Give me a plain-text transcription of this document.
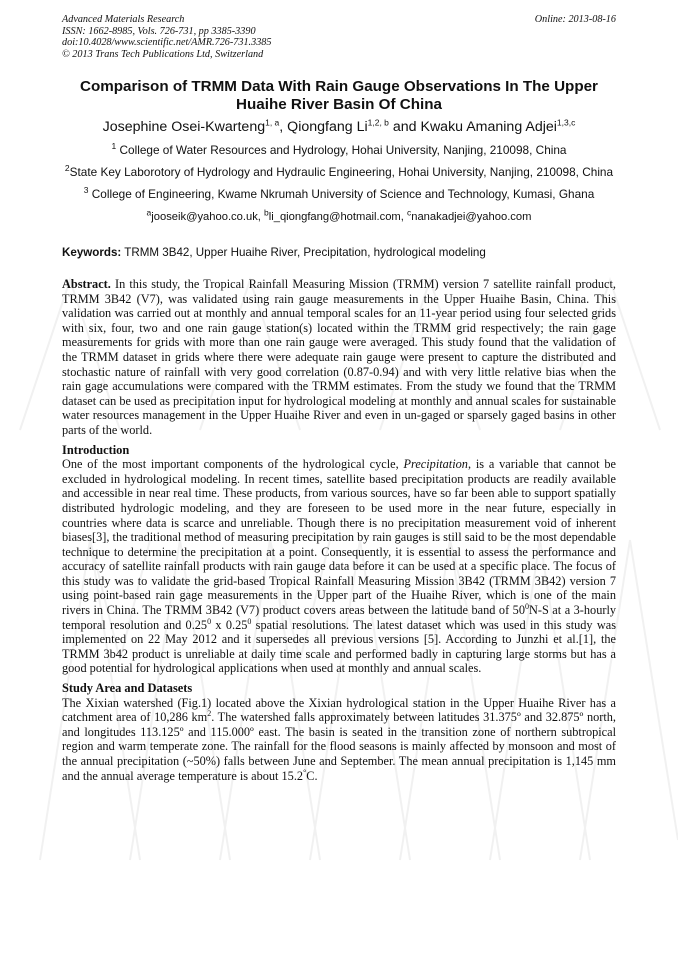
Advanced Materials Research
ISSN: 1662-8985, Vols. 726-731, pp 3385-3390
doi:10.4028/www.scientific.net/AMR.726-731.3385
© 2013 Trans Tech Publications Ltd, Switzerland
Online: 2013-08-16
Comparison of TRMM Data With Rain Gauge Observations In The Upper Huaihe River Basin Of China
Josephine Osei-Kwarteng$^{1, a}$, Qiongfang Li$^{1,2, b}$ and Kwaku Amaning Adjei$^{1,3,c}$
$^1$ College of Water Resources and Hydrology, Hohai University, Nanjing, 210098, China
$^2$State Key Laborotory of Hydrology and Hydraulic Engineering, Hohai University, Nanjing, 210098, China
$^3$ College of Engineering, Kwame Nkrumah University of Science and Technology, Kumasi, Ghana
$^a$jooseik@yahoo.co.uk, $^b$li_qiongfang@hotmail.com, $^c$nanakadjei@yahoo.com
Keywords: TRMM 3B42, Upper Huaihe River, Precipitation, hydrological modeling
Abstract. In this study, the Tropical Rainfall Measuring Mission (TRMM) version 7 satellite rainfall product, TRMM 3B42 (V7), was validated using rain gauge measurements in the Upper Huaihe Basin, China. This validation was carried out at monthly and annual temporal scales for an 11-year period using four selected grids with six, four, two and one rain gauge station(s) located within the TRMM grid respectively; the rain gage measurements for grids with more than one rain gauge were averaged. This study found that the validation of the TRMM dataset in grids where there were adequate rain gauge were present to capture the distributed and stochastic nature of rainfall with very good correlation (0.87-0.94) and with very little relative bias when the rain gage accumulations were compared with the TRMM estimates. From the study we found that the TRMM dataset can be used as precipitation input for hydrological modeling at monthly and annual scales for sustainable water resources management in the Upper Huaihe River and even in un-gaged or sparsely gaged basins in other parts of the world.
Introduction
One of the most important components of the hydrological cycle, Precipitation, is a variable that cannot be excluded in hydrological modeling. In recent times, satellite based precipitation products are readily available and accessible in near real time. These products, from various sources, have so far been able to support spatially distributed hydrologic modeling, and they are foreseen to be used more in the near future, especially in countries where data is scarce and unreliable. Though there is no precipitation measurement void of inherent biases[3], the traditional method of measuring precipitation by rain gauges is still said to be the most dependable technique to determine the precipitation at a point. Consequently, it is essential to assess the performance and accuracy of satellite rainfall products with rain gauge data before it can be used at a specific place. The focus of this study was to validate the grid-based Tropical Rainfall Measuring Mission 3B42 (TRMM 3B42) version 7 using point-based rain gage measurements in the Upper part of the Huaihe River, which is one of the main rivers in China. The TRMM 3B42 (V7) product covers areas between the latitude band of $50^0N-S$ at a 3-hourly temporal resolution and 0.25$^0$ x 0.25$^0$ spatial resolutions. The latest dataset which was used in this study was implemented on 22 May 2012 and it supersedes all previous versions [5]. According to Junzhi et al.[1], the TRMM 3b42 product is unreliable at daily time scale and performed badly in capturing large storms but has a good potential for hydrological applications when used at monthly and annual scales.
Study Area and Datasets
The Xixian watershed (Fig.1) located above the Xixian hydrological station in the Upper Huaihe River has a catchment area of 10,286 $km^2$. The watershed falls approximately between latitudes 31.375º and 32.875º north, and longitudes 113.125º and 115.000º east. The basin is seated in the transition zone of northern subtropical region and warm temperate zone. The rainfall for the flood seasons is mainly affected by monsoon and most of the annual precipitation (~50%) falls between June and September. The mean annual precipitation is 1,145 mm and the annual average temperature is about 15.2°C.
